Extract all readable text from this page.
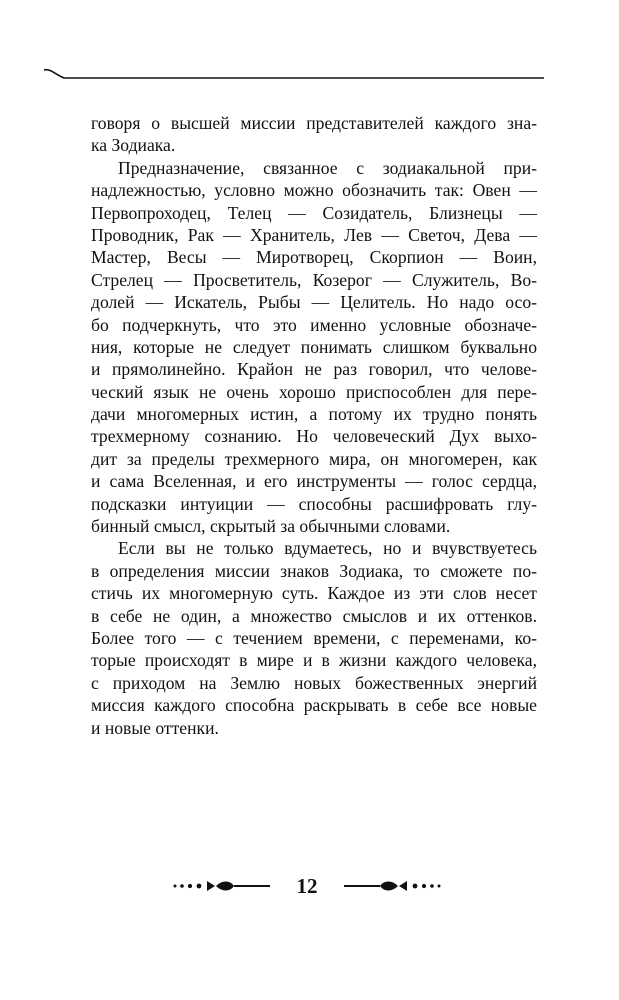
говоря о высшей миссии представителей каждого зна-
ка Зодиака.
Предназначение, связанное с зодиакальной при-
надлежностью, условно можно обозначить так: Овен —
Первопроходец, Телец — Созидатель, Близнецы —
Проводник, Рак — Хранитель, Лев — Светоч, Дева —
Мастер, Весы — Миротворец, Скорпион — Воин,
Стрелец — Просветитель, Козерог — Служитель, Во-
долей — Искатель, Рыбы — Целитель. Но надо осо-
бо подчеркнуть, что это именно условные обозначе-
ния, которые не следует понимать слишком буквально
и прямолинейно. Крайон не раз говорил, что челове-
ческий язык не очень хорошо приспособлен для пере-
дачи многомерных истин, а потому их трудно понять
трехмерному сознанию. Но человеческий Дух выхо-
дит за пределы трехмерного мира, он многомерен, как
и сама Вселенная, и его инструменты — голос сердца,
подсказки интуиции — способны расшифровать глу-
бинный смысл, скрытый за обычными словами.
Если вы не только вдумаетесь, но и вчувствуетесь
в определения миссии знаков Зодиака, то сможете по-
стичь их многомерную суть. Каждое из эти слов несет
в себе не один, а множество смыслов и их оттенков.
Более того — с течением времени, с переменами, ко-
торые происходят в мире и в жизни каждого человека,
с приходом на Землю новых божественных энергий
миссия каждого способна раскрывать в себе все новые
и новые оттенки.
12
